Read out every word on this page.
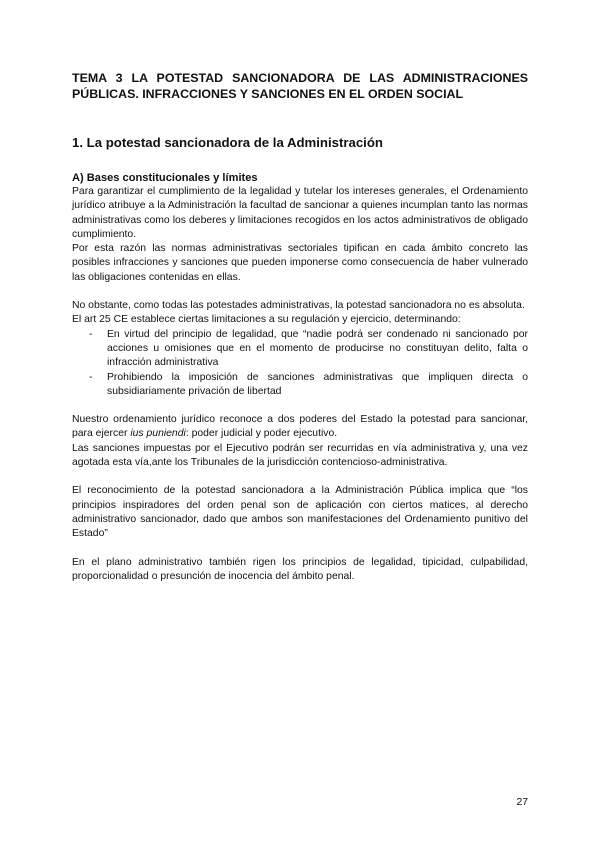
TEMA 3 LA POTESTAD SANCIONADORA DE LAS ADMINISTRACIONES PÚBLICAS. INFRACCIONES Y SANCIONES EN EL ORDEN SOCIAL

1. La potestad sancionadora de la Administración

A) Bases constitucionales y límites

Para garantizar el cumplimiento de la legalidad y tutelar los intereses generales, el Ordenamiento jurídico atribuye a la Administración la facultad de sancionar a quienes incumplan tanto las normas administrativas como los deberes y limitaciones recogidos en los actos administrativos de obligado cumplimiento.

Por esta razón las normas administrativas sectoriales tipifican en cada ámbito concreto las posibles infracciones y sanciones que pueden imponerse como consecuencia de haber vulnerado las obligaciones contenidas en ellas.

No obstante, como todas las potestades administrativas, la potestad sancionadora no es absoluta.

El art 25 CE establece ciertas limitaciones a su regulación y ejercicio, determinando:

- En virtud del principio de legalidad, que “nadie podrá ser condenado ni sancionado por acciones u omisiones que en el momento de producirse no constituyan delito, falta o infracción administrativa
- Prohibiendo la imposición de sanciones administrativas que impliquen directa o subsidiariamente privación de libertad

Nuestro ordenamiento jurídico reconoce a dos poderes del Estado la potestad para sancionar, para ejercer ius puniendi: poder judicial y poder ejecutivo.

Las sanciones impuestas por el Ejecutivo podrán ser recurridas en vía administrativa y, una vez agotada esta vía,ante los Tribunales de la jurisdicción contencioso-administrativa.

El reconocimiento de la potestad sancionadora a la Administración Pública implica que “los principios inspiradores del orden penal son de aplicación con ciertos matices, al derecho administrativo sancionador, dado que ambos son manifestaciones del Ordenamiento punitivo del Estado”

En el plano administrativo también rigen los principios de legalidad, tipicidad, culpabilidad, proporcionalidad o presunción de inocencia del ámbito penal.

27
